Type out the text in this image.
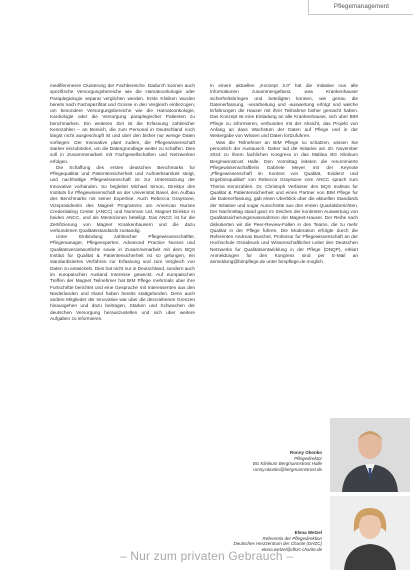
Pflegemanagement

medilfenmeere Clusterung der Fachbereiche. Dadurch konnen auch spezifische Versorgungsbereiche wie die Hamatoonkologie oder Paraplegiologie separat verglichen werden. Erste Kliniken wurden bereits nach Fachspezifitat und Grosse in den Vergleich einbezogen, um besondere Versorgungsbereiche wie die Hamatoonkologie, Kardiologie oder die Versorgung paraplegischer Patienten zu benchmarken. Ein weiteres Ziel ist die Erfassung zahlreicher Kennzahlen – an Bereich, die zum Personal in Deutschland noch langst nicht ausgeschopft ist und uber den bisher nur wenige Daten vorliegen. Der Innovative plant zudem, die Pflegewissenschaft starker einzubinden, um die Datengrundlage weiter zu schaffen. Dies soll in Zusammenarbeit mit Fachgesellschaften und Netzwerken erfolgen.

Die Schaffung des ersten deutschen Benchmarks fur Pflegequalitat und Patientensicherheit und Aufmerksamkeit steigt, und nachhaltige Pflegewissenschaft ist zur Unterstutzung der Innovative vorhanden. So begleitet Michael Simon, Direktor des Instituts fur Pflegewissenschaft an der Universitat Basel, den Aufbau des Benchmarks mit seiner Expertise. Auch Rebecca Graystone, Vizeprasidentin des Magnet Programms am American Nurses Credentialing Center (ANCC) und Nursman Ltd, Magnet Direktor in beiden ANCC, und als Mentorinnen beteiligt. Das ANCC ist fur die Zertifizierung von Magnet Krankenhausern und die dazu verbundenen Qualitatsstandards zustandig.

Unter Einbindung zahlreicher Pflegewissenschaftler, Pflegemanager, Pflegeexperten, Advanced Practice Nurses und Qualitatsverantwortliche sowie in Zusammenarbeit mit dem BQS Institut fur Qualitat & Patientensicherheit ist so gelungen, ein standardisiertes Verfahren zur Erfassung und zum Vergleich von Daten zu entwickeln. Dies hat nicht nur in Deutschland, sondern auch im europaischen Ausland Interesse geweckt. Auf europaischen Treffen der Magnet Teilnehmer hat BIM Pflege mehrmals uber ihre Fortschritte berichtet und eine Gesprache mit Interessenten aus den Niederlanden und Irland haben bereits stattgefunden. Denn auch andere Mitglieder der Innovative war uber die descriebenen Grenzen hinausgehen und dazu beitragen, Starken und Schwachen der deutschen Versorgung herauszustellen und sich uber weitere Aufgaben zu informieren.

In einem aktuellen „Konzept 2.0“ hat die Initiative nun alle Informationen zusammengefasst, was Krankenhauser sicherheitsbringen und beteiligten konnen, wie genau die Datenerfassung, -verarbeitung und -auswertung erfolgt und welche Erfahrungen die Hauser mit ihrer Teilnahme bisher gemacht haben. Das Konzept ist eine Einladung an alle Krankenhauser, sich uber BIM Pflege zu informieren, verbunden mit der Absicht, das Projekt von Anfang an dass Wachstum der Daten auf Pflege und in der Weitergabe von Wissen und Daten fortzufuhren.

Was die Teilnehmer an BIM Pflege so schatzen, wissen Sie personlich der Austausch. Daher lud die Initiative am 20. November 2024 zu ihrem fachlichen Kongress in das Maltina BG Klinikum Bergmannstrost Halle. Den Vormittag leiteten die renommierte Pflegewissenschaftlerin Gabriele Meyer mit der Keynote „Pflegewissenschaft im Kontext von Qualitat, Evidenz und Ergebnisqualitat“ von Rebecca Graystone vom ANCC sprach zum Thema Kennzahlen. Dr. Christoph Verfasser des BQS Instituts fur Qualitat & Patientensicherheit und einen Partner von BIM Pflege fur die Datenerfassung, gab einen Uberblick uber die aktuellen Standards der Initiative und sogar Ausschnitte aus den ersten Quartalsberichten. Der Nachmittag stand ganz im Zeichen der konkreten Auswertung von Qualitatssicherungsmassnahmen der Magnet-Hauser. Der Reihe nach diskutierten wir die Peer-Review-Fallen in den Teams, die zu mehr Qualitat in der Pflege fuhren. Die Moderation erfolgte durch die Referenten Andreas Buscher, Professor fur Pflegewissenschaft an der Hochschule Osnabruck und Wissenschaftlicher Leiter des Deutschen Netzwerks fur Qualitatsentwicklung in der Pflege (DNQP), erklart Anmeldungen fur den Kongress sind per E-Mail an anmeldung@bimpflege.de unter bimpflege.de moglich.

Ronny Okonko
Pflegedirektor
BG Klinikum Bergmannstrost Halle
ronny.okonko@bergmannstrost.de
Elena Wetzel
Referentin der Pflegedirektion
Deutsches Herzzentrum der Charite (DHZC)
elena.wetzel@dhzc-charite.de
– Nur zum privaten Gebrauch –
